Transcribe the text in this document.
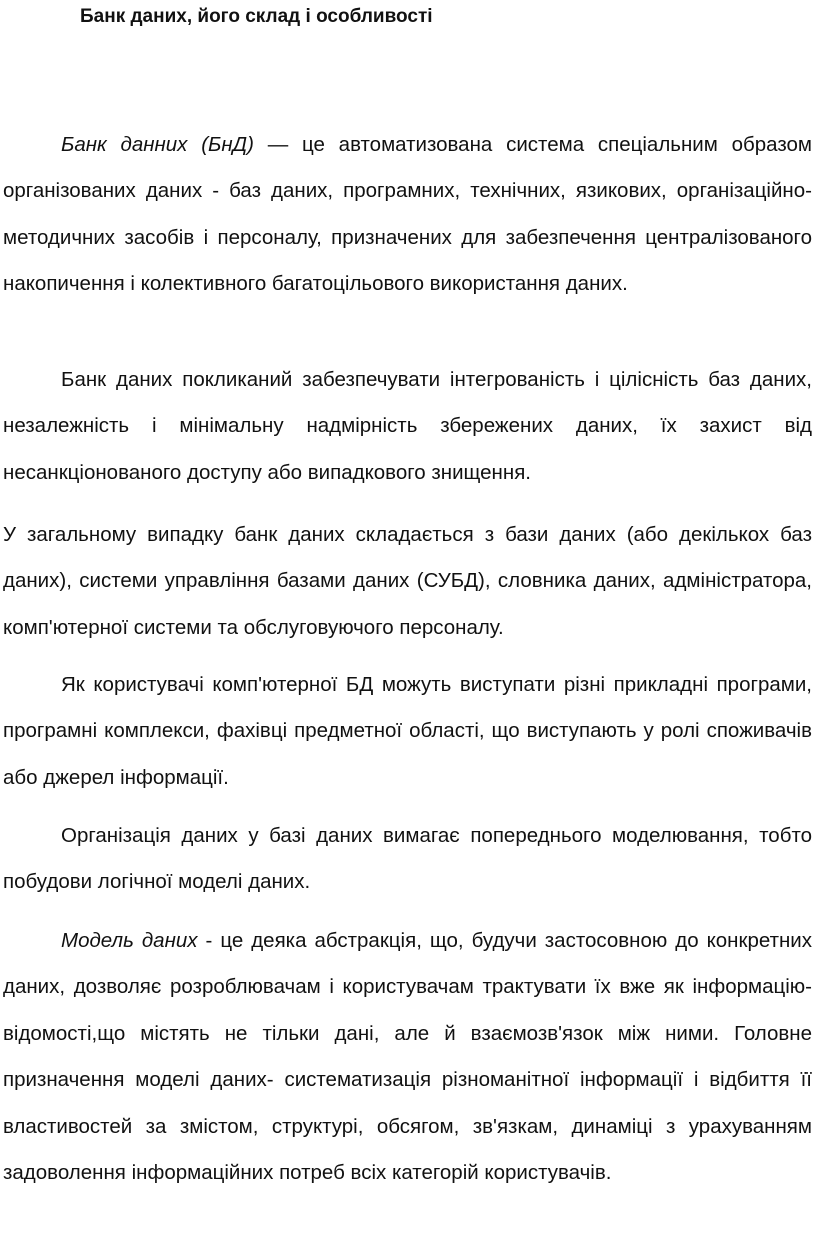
Банк даних, його склад і особливості

Банк данних (БнД) — це автоматизована система спеціальним образом організованих даних - баз даних, програмних, технічних, язикових, організаційно-методичних засобів і персоналу, призначених для забезпечення централізованого накопичення і колективного багатоцільового використання даних.

Банк даних покликаний забезпечувати інтегрованість і цілісність баз даних, незалежність і мінімальну надмірність збережених даних, їх захист від несанкціонованого доступу або випадкового знищення.

У загальному випадку банк даних складається з бази даних (або декількох баз даних), системи управління базами даних (СУБД), словника даних, адміністратора, комп'ютерної системи та обслуговуючого персоналу.

Як користувачі комп'ютерної БД можуть виступати різні прикладні програми, програмні комплекси, фахівці предметної області, що виступають у ролі споживачів або джерел інформації.

Організація даних у базі даних вимагає попереднього моделювання, тобто побудови логічної моделі даних.

Модель даних - це деяка абстракція, що, будучи застосовною до конкретних даних, дозволяє розроблювачам і користувачам трактувати їх вже як інформацію- відомості,що містять не тільки дані, але й взаємозв'язок між ними. Головне призначення моделі даних- систематизація різноманітної інформації і відбиття її властивостей за змістом, структурі, обсягом, зв'язкам, динаміці з урахуванням задоволення інформаційних потреб всіх категорій користувачів.
